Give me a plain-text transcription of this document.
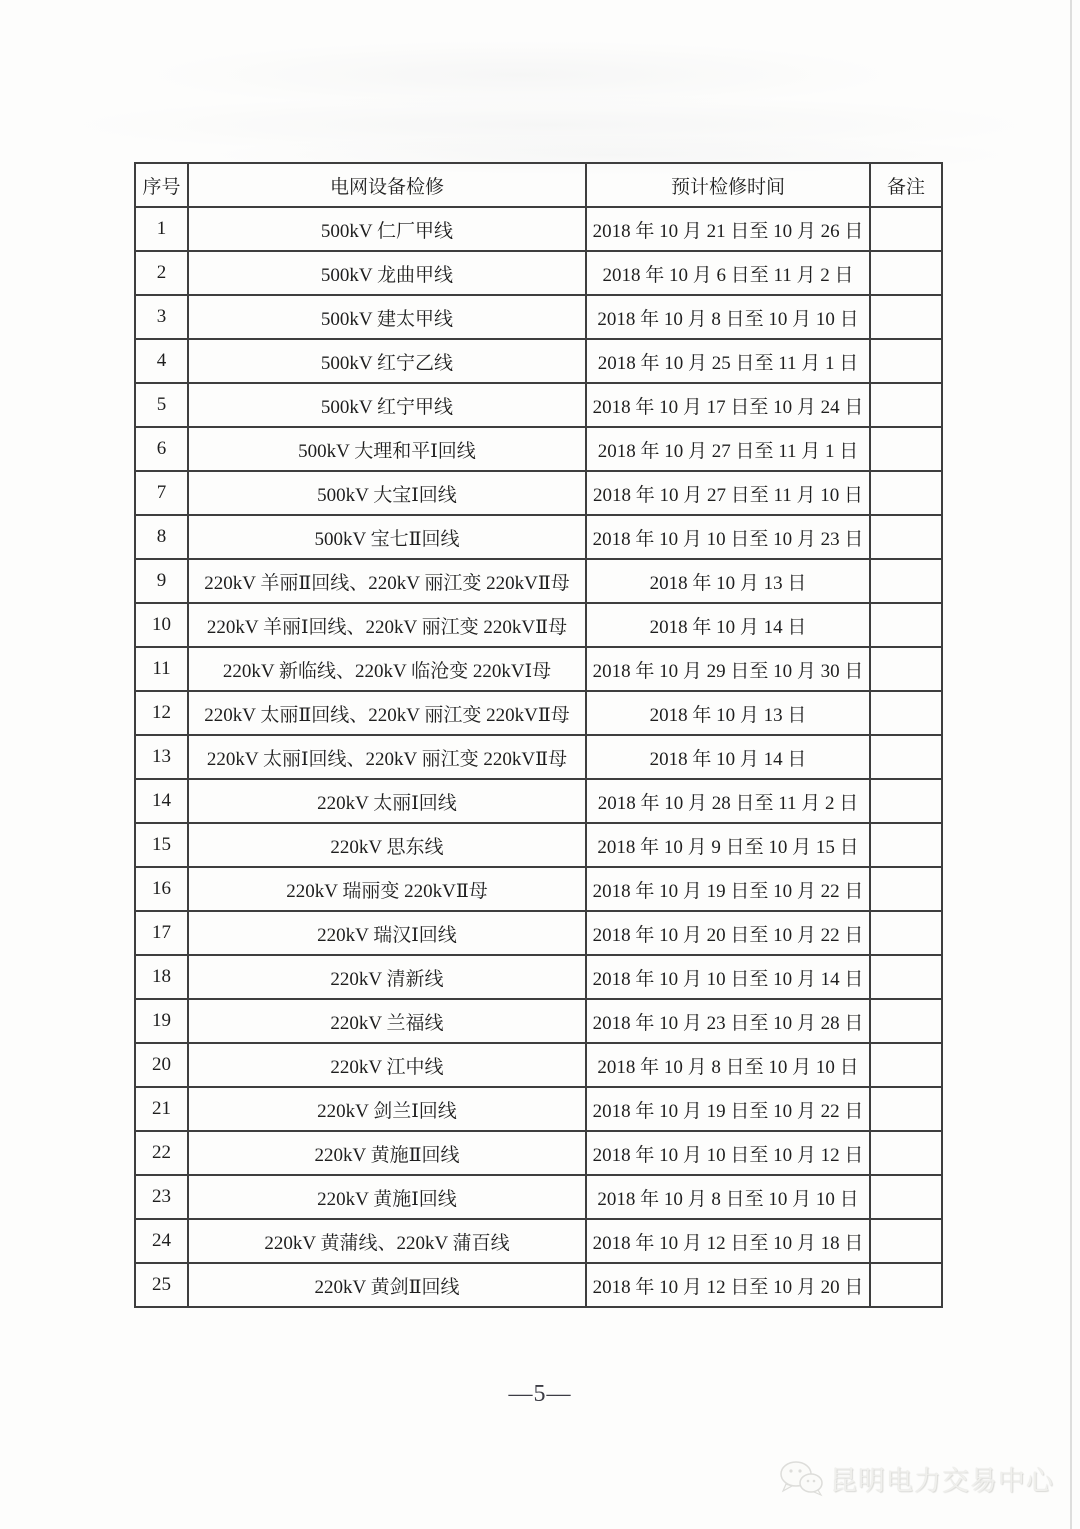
序号	电网设备检修	预计检修时间	备注
1	500kV 仁厂甲线	2018 年 10 月 21 日至 10 月 26 日	
2	500kV 龙曲甲线	2018 年 10 月 6 日至 11 月 2 日	
3	500kV 建太甲线	2018 年 10 月 8 日至 10 月 10 日	
4	500kV 红宁乙线	2018 年 10 月 25 日至 11 月 1 日	
5	500kV 红宁甲线	2018 年 10 月 17 日至 10 月 24 日	
6	500kV 大理和平Ⅰ回线	2018 年 10 月 27 日至 11 月 1 日	
7	500kV 大宝Ⅰ回线	2018 年 10 月 27 日至 11 月 10 日	
8	500kV 宝七Ⅱ回线	2018 年 10 月 10 日至 10 月 23 日	
9	220kV 羊丽Ⅱ回线、220kV 丽江变 220kVⅡ母	2018 年 10 月 13 日	
10	220kV 羊丽Ⅰ回线、220kV 丽江变 220kVⅡ母	2018 年 10 月 14 日	
11	220kV 新临线、220kV 临沧变 220kVⅠ母	2018 年 10 月 29 日至 10 月 30 日	
12	220kV 太丽Ⅱ回线、220kV 丽江变 220kVⅡ母	2018 年 10 月 13 日	
13	220kV 太丽Ⅰ回线、220kV 丽江变 220kVⅡ母	2018 年 10 月 14 日	
14	220kV 太丽Ⅰ回线	2018 年 10 月 28 日至 11 月 2 日	
15	220kV 思东线	2018 年 10 月 9 日至 10 月 15 日	
16	220kV 瑞丽变 220kVⅡ母	2018 年 10 月 19 日至 10 月 22 日	
17	220kV 瑞汉Ⅰ回线	2018 年 10 月 20 日至 10 月 22 日	
18	220kV 清新线	2018 年 10 月 10 日至 10 月 14 日	
19	220kV 兰福线	2018 年 10 月 23 日至 10 月 28 日	
20	220kV 江中线	2018 年 10 月 8 日至 10 月 10 日	
21	220kV 剑兰Ⅰ回线	2018 年 10 月 19 日至 10 月 22 日	
22	220kV 黄施Ⅱ回线	2018 年 10 月 10 日至 10 月 12 日	
23	220kV 黄施Ⅰ回线	2018 年 10 月 8 日至 10 月 10 日	
24	220kV 黄蒲线、220kV 蒲百线	2018 年 10 月 12 日至 10 月 18 日	
25	220kV 黄剑Ⅱ回线	2018 年 10 月 12 日至 10 月 20 日	
—5—
昆明电力交易中心
